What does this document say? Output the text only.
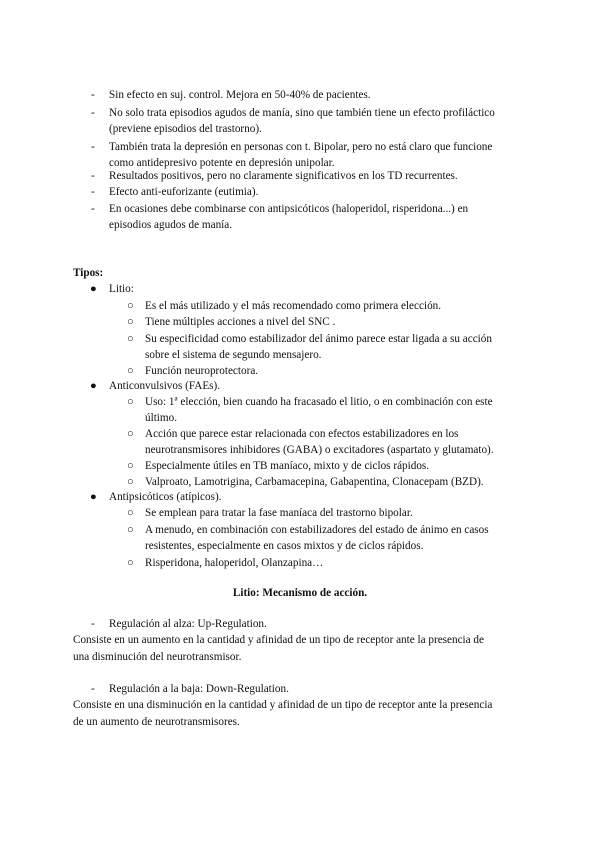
- Sin efecto en suj. control. Mejora en 50-40% de pacientes.
- No solo trata episodios agudos de manía, sino que también tiene un efecto profiláctico
(previene episodios del trastorno).
- También trata la depresión en personas con t. Bipolar, pero no está claro que funcione
como antidepresivo potente en depresión unipolar.
- Resultados positivos, pero no claramente significativos en los TD recurrentes.
- Efecto anti-euforizante (eutimia).
- En ocasiones debe combinarse con antipsicóticos (haloperidol, risperidona...) en
episodios agudos de manía.
Tipos:
● Litio:
○ Es el más utilizado y el más recomendado como primera elección.
○ Tiene múltiples acciones a nivel del SNC .
○ Su especificidad como estabilizador del ánimo parece estar ligada a su acción
sobre el sistema de segundo mensajero.
○ Función neuroprotectora.
● Anticonvulsivos (FAEs).
○ Uso: 1ª elección, bien cuando ha fracasado el litio, o en combinación con este
último.
○ Acción que parece estar relacionada con efectos estabilizadores en los
neurotransmisores inhibidores (GABA) o excitadores (aspartato y glutamato).
○ Especialmente útiles en TB maníaco, mixto y de ciclos rápidos.
○ Valproato, Lamotrigina, Carbamacepina, Gabapentina, Clonacepam (BZD).
● Antipsicóticos (atípicos).
○ Se emplean para tratar la fase maníaca del trastorno bipolar.
○ A menudo, en combinación con estabilizadores del estado de ánimo en casos
resistentes, especialmente en casos mixtos y de ciclos rápidos.
○ Risperidona, haloperidol, Olanzapina…
Litio: Mecanismo de acción.
- Regulación al alza: Up-Regulation.
Consiste en un aumento en la cantidad y afinidad de un tipo de receptor ante la presencia de
una disminución del neurotransmisor.
- Regulación a la baja: Down-Regulation.
Consiste en una disminución en la cantidad y afinidad de un tipo de receptor ante la presencia
de un aumento de neurotransmisores.
